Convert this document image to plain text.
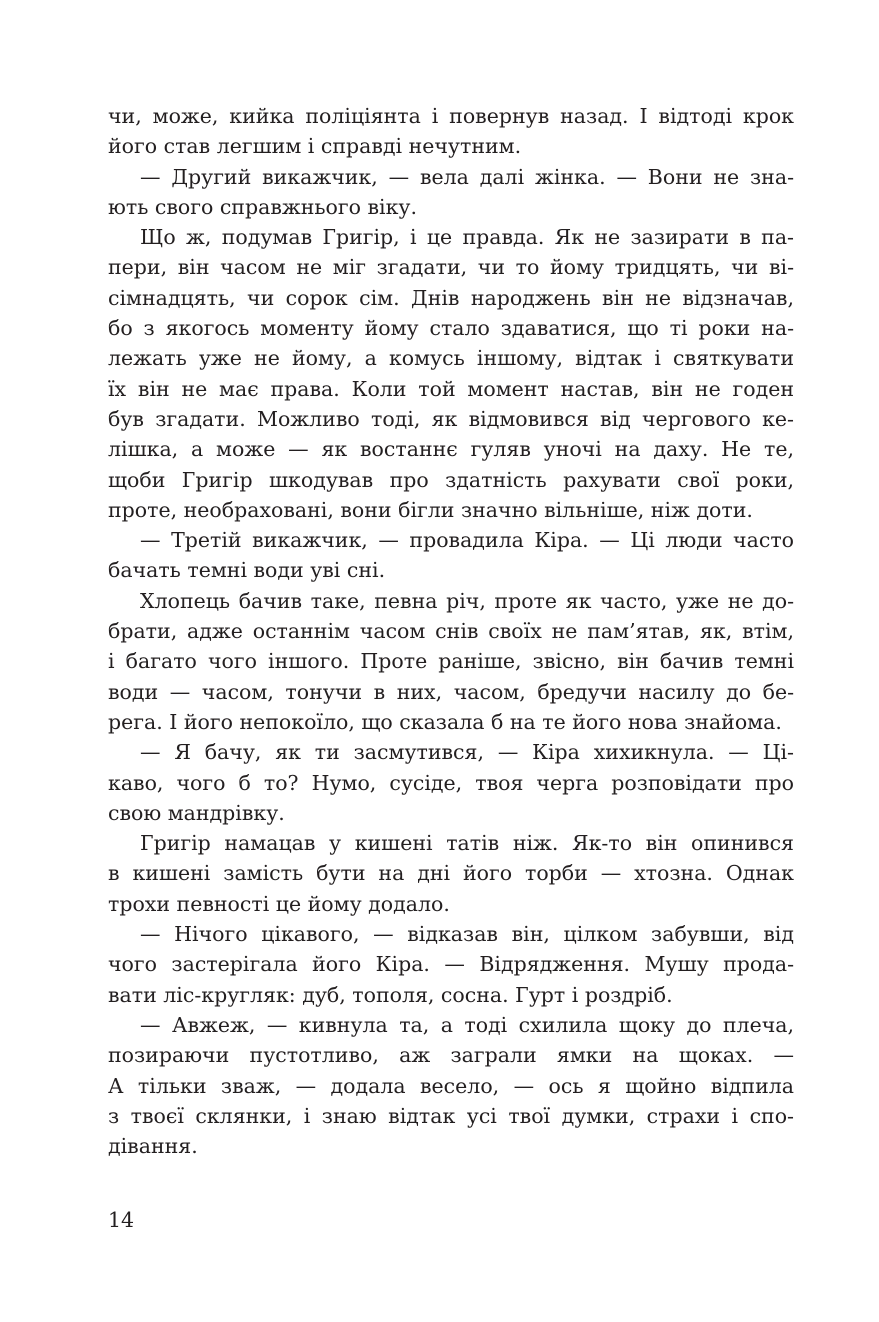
чи, може, кийка поліціянта і повернув назад. І відтоді крок
його став легшим і справді нечутним.
— Другий викажчик, — вела далі жінка. — Вони не зна-
ють свого справжнього віку.
Що ж, подумав Григір, і це правда. Як не зазирати в па-
пери, він часом не міг згадати, чи то йому тридцять, чи ві-
сімнадцять, чи сорок сім. Днів народжень він не відзначав,
бо з якогось моменту йому стало здаватися, що ті роки на-
лежать уже не йому, а комусь іншому, відтак і святкувати
їх він не має права. Коли той момент настав, він не годен
був згадати. Можливо тоді, як відмовився від чергового ке-
лішка, а може — як востаннє гуляв уночі на даху. Не те,
щоби Григір шкодував про здатність рахувати свої роки,
проте, необраховані, вони бігли значно вільніше, ніж доти.
— Третій викажчик, — провадила Кіра. — Ці люди часто
бачать темні води уві сні.
Хлопець бачив таке, певна річ, проте як часто, уже не до-
брати, адже останнім часом снів своїх не пам’ятав, як, втім,
і багато чого іншого. Проте раніше, звісно, він бачив темні
води — часом, тонучи в них, часом, бредучи насилу до бе-
рега. І його непокоїло, що сказала б на те його нова знайома.
— Я бачу, як ти засмутився, — Кіра хихикнула. — Ці-
каво, чого б то? Нумо, сусіде, твоя черга розповідати про
свою мандрівку.
Григір намацав у кишені татів ніж. Як-то він опинився
в кишені замість бути на дні його торби — хтозна. Однак
трохи певності це йому додало.
— Нічого цікавого, — відказав він, цілком забувши, від
чого застерігала його Кіра. — Відрядження. Мушу прода-
вати ліс-кругляк: дуб, тополя, сосна. Гурт і роздріб.
— Авжеж, — кивнула та, а тоді схилила щоку до плеча,
позираючи пустотливо, аж заграли ямки на щоках. —
А тільки зваж, — додала весело, — ось я щойно відпила
з твоєї склянки, і знаю відтак усі твої думки, страхи і спо-
дівання.
14
